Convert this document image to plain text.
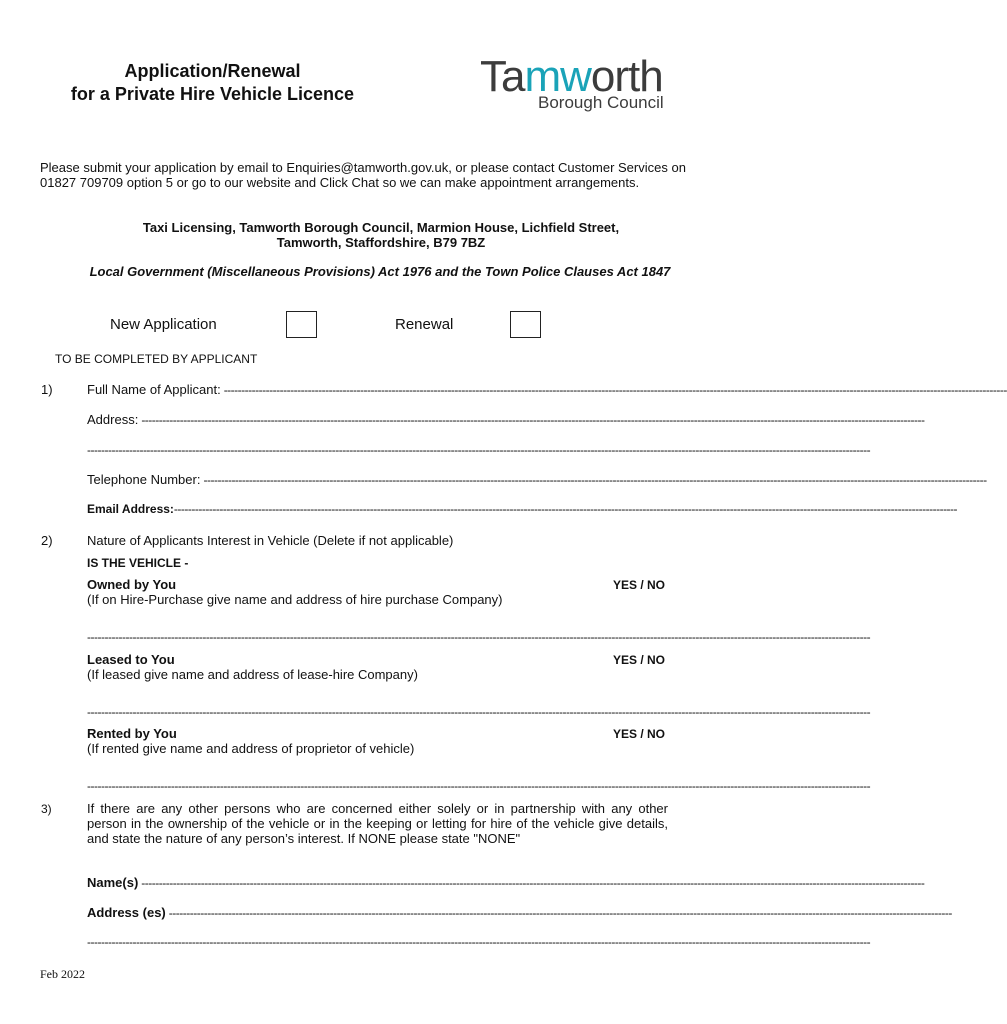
Application/Renewal
for a Private Hire Vehicle Licence	Tamworth
Borough Council
Please submit your application by email to Enquiries@tamworth.gov.uk, or please contact Customer Services on 01827 709709 option 5 or go to our website and Click Chat so we can make appointment arrangements.
Taxi Licensing, Tamworth Borough Council, Marmion House, Lichfield Street,
Tamworth, Staffordshire, B79 7BZ
Local Government (Miscellaneous Provisions) Act 1976 and the Town Police Clauses Act 1847
New Application	Renewal
TO BE COMPLETED BY APPLICANT
1)	Full Name of Applicant: --------------------------------------------------------------------------------------------------------------------------------------------------------------------------------------------------------------------------------
Address: --------------------------------------------------------------------------------------------------------------------------------------------------------------------------------------------------------------------------------
--------------------------------------------------------------------------------------------------------------------------------------------------------------------------------------------------------------------------------
Telephone Number: --------------------------------------------------------------------------------------------------------------------------------------------------------------------------------------------------------------------------------
Email Address: --------------------------------------------------------------------------------------------------------------------------------------------------------------------------------------------------------------------------------
2)	Nature of Applicants Interest in Vehicle (Delete if not applicable)
IS THE VEHICLE -
Owned by You	YES / NO
(If on Hire-Purchase give name and address of hire purchase Company)
--------------------------------------------------------------------------------------------------------------------------------------------------------------------------------------------------------------------------------
Leased to You	YES / NO
(If leased give name and address of lease-hire Company)
--------------------------------------------------------------------------------------------------------------------------------------------------------------------------------------------------------------------------------
Rented by You	YES / NO
(If rented give name and address of proprietor of vehicle)
--------------------------------------------------------------------------------------------------------------------------------------------------------------------------------------------------------------------------------
3)	If there are any other persons who are concerned either solely or in partnership with any other person in the ownership of the vehicle or in the keeping or letting for hire of the vehicle give details, and state the nature of any person’s interest. If NONE please state "NONE"
Name(s) --------------------------------------------------------------------------------------------------------------------------------------------------------------------------------------------------------------------------------
Address (es) --------------------------------------------------------------------------------------------------------------------------------------------------------------------------------------------------------------------------------
--------------------------------------------------------------------------------------------------------------------------------------------------------------------------------------------------------------------------------
Feb 2022
